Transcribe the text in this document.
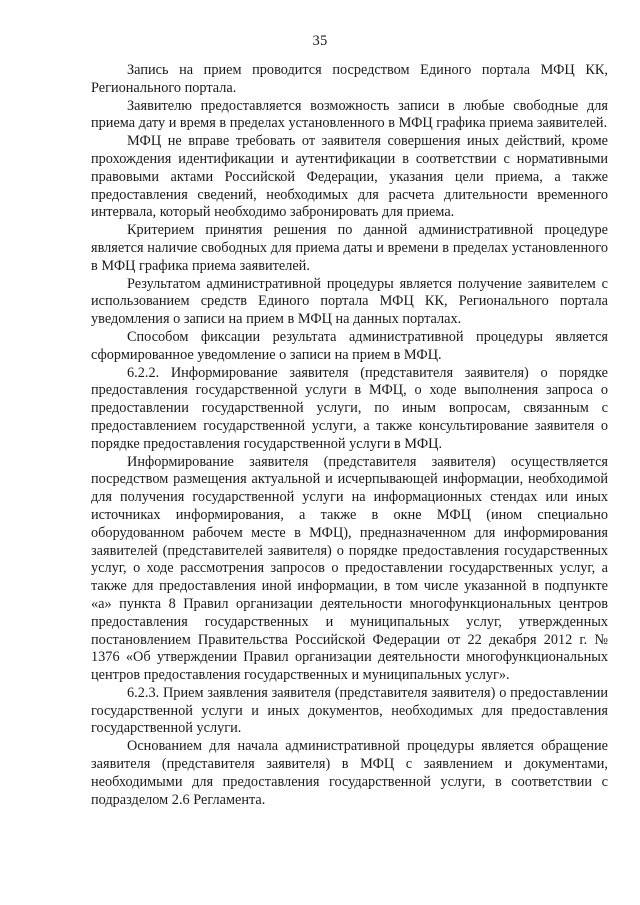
35

Запись на прием проводится посредством Единого портала МФЦ КК, Регионального портала.

Заявителю предоставляется возможность записи в любые свободные для приема дату и время в пределах установленного в МФЦ графика приема заявителей.

МФЦ не вправе требовать от заявителя совершения иных действий, кроме прохождения идентификации и аутентификации в соответствии с нормативными правовыми актами Российской Федерации, указания цели приема, а также предоставления сведений, необходимых для расчета длительности временного интервала, который необходимо забронировать для приема.

Критерием принятия решения по данной административной процедуре является наличие свободных для приема даты и времени в пределах установленного в МФЦ графика приема заявителей.

Результатом административной процедуры является получение заявителем с использованием средств Единого портала МФЦ КК, Регионального портала уведомления о записи на прием в МФЦ на данных порталах.

Способом фиксации результата административной процедуры является сформированное уведомление о записи на прием в МФЦ.

6.2.2. Информирование заявителя (представителя заявителя) о порядке предоставления государственной услуги в МФЦ, о ходе выполнения запроса о предоставлении государственной услуги, по иным вопросам, связанным с предоставлением государственной услуги, а также консультирование заявителя о порядке предоставления государственной услуги в МФЦ.

Информирование заявителя (представителя заявителя) осуществляется посредством размещения актуальной и исчерпывающей информации, необходимой для получения государственной услуги на информационных стендах или иных источниках информирования, а также в окне МФЦ (ином специально оборудованном рабочем месте в МФЦ), предназначенном для информирования заявителей (представителей заявителя) о порядке предоставления государственных услуг, о ходе рассмотрения запросов о предоставлении государственных услуг, а также для предоставления иной информации, в том числе указанной в подпункте «а» пункта 8 Правил организации деятельности многофункциональных центров предоставления государственных и муниципальных услуг, утвержденных постановлением Правительства Российской Федерации от 22 декабря 2012 г. № 1376 «Об утверждении Правил организации деятельности многофункциональных центров предоставления государственных и муниципальных услуг».

6.2.3. Прием заявления заявителя (представителя заявителя) о предоставлении государственной услуги и иных документов, необходимых для предоставления государственной услуги.

Основанием для начала административной процедуры является обращение заявителя (представителя заявителя) в МФЦ с заявлением и документами, необходимыми для предоставления государственной услуги, в соответствии с подразделом 2.6 Регламента.
